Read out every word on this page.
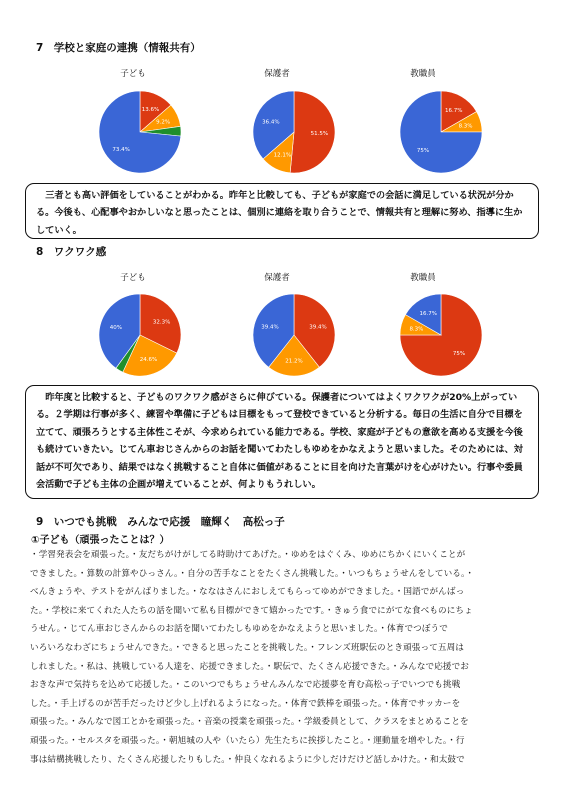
7　学校と家庭の連携（情報共有）
子ども	保護者	教職員
13.6%
9.2%
73.4%
51.5%
12.1%
36.4%
16.7%
8.3%
75%

三者とも高い評価をしていることがわかる。昨年と比較しても、子どもが家庭での会話に満足している状況が分かる。今後も、心配事やおかしいなと思ったことは、個別に連絡を取り合うことで、情報共有と理解に努め、指導に生かしていく。

8　ワクワク感
子ども	保護者	教職員
32.3%
24.6%
40%	39.4%
21.2%
39.4%
75%
8.3%
16.7%

昨年度と比較すると、子どものワクワク感がさらに伸びている。保護者についてはよくワクワクが20%上がっている。２学期は行事が多く、練習や準備に子どもは目標をもって登校できていると分析する。毎日の生活に自分で目標を立てて、頑張ろうとする主体性こそが、今求められている能力である。学校、家庭が子どもの意欲を高める支援を今後も続けていきたい。じてん車おじさんからのお話を聞いてわたしもゆめをかなえようと思いました。そのためには、対話が不可欠であり、結果ではなく挑戦すること自体に価値があることに目を向けた言葉がけを心がけたい。行事や委員会活動で子ども主体の企画が増えていることが、何よりもうれしい。

9　いつでも挑戦　みんなで応援　瞳輝く　高松っ子
①子ども（頑張ったことは？）
・学習発表会を頑張った。・友だちがけがしてる時助けてあげた。・ゆめをはぐくみ、ゆめにちかくにいくことが
できました。・算数の計算やひっさん。・自分の苦手なことをたくさん挑戦した。・いつもちょうせんをしている。・
べんきょうや、テストをがんばりました。・ななはさんにおしえてもらってゆめができました。・国語でがんばっ
た。・学校に来てくれた人たちの話を聞いて私も目標ができて嬉かったです。・きゅう食でにがてな食べものにちょ
うせん。・じてん車おじさんからのお話を聞いてわたしもゆめをかなえようと思いました。・体育でつぼうで
いろいろなわざにちょうせんできた。・できると思ったことを挑戦した。・フレンズ班駅伝のとき頑張って五周は
しれました。・私は、挑戦している人達を、応援できました。・駅伝で、たくさん応援できた。・みんなで応援でお
おきな声で気持ちを込めて応援した。・このいつでもちょうせんみんなで応援夢を育む高松っ子でいつでも挑戦
した。・手上げるのが苦手だったけど少し上げれるようになった。・体育で鉄棒を頑張った。・体育でサッカーを
頑張った。・みんなで図工とかを頑張った。・音楽の授業を頑張った。・学級委員として、クラスをまとめることを
頑張った。・セルスタを頑張った。・朝旭城の人や（いたら）先生たちに挨拶したこと。・運動量を増やした。・行
事は結構挑戦したり、たくさん応援したりもした。・仲良くなれるように少しだけだけど話しかけた。・和太鼓で
